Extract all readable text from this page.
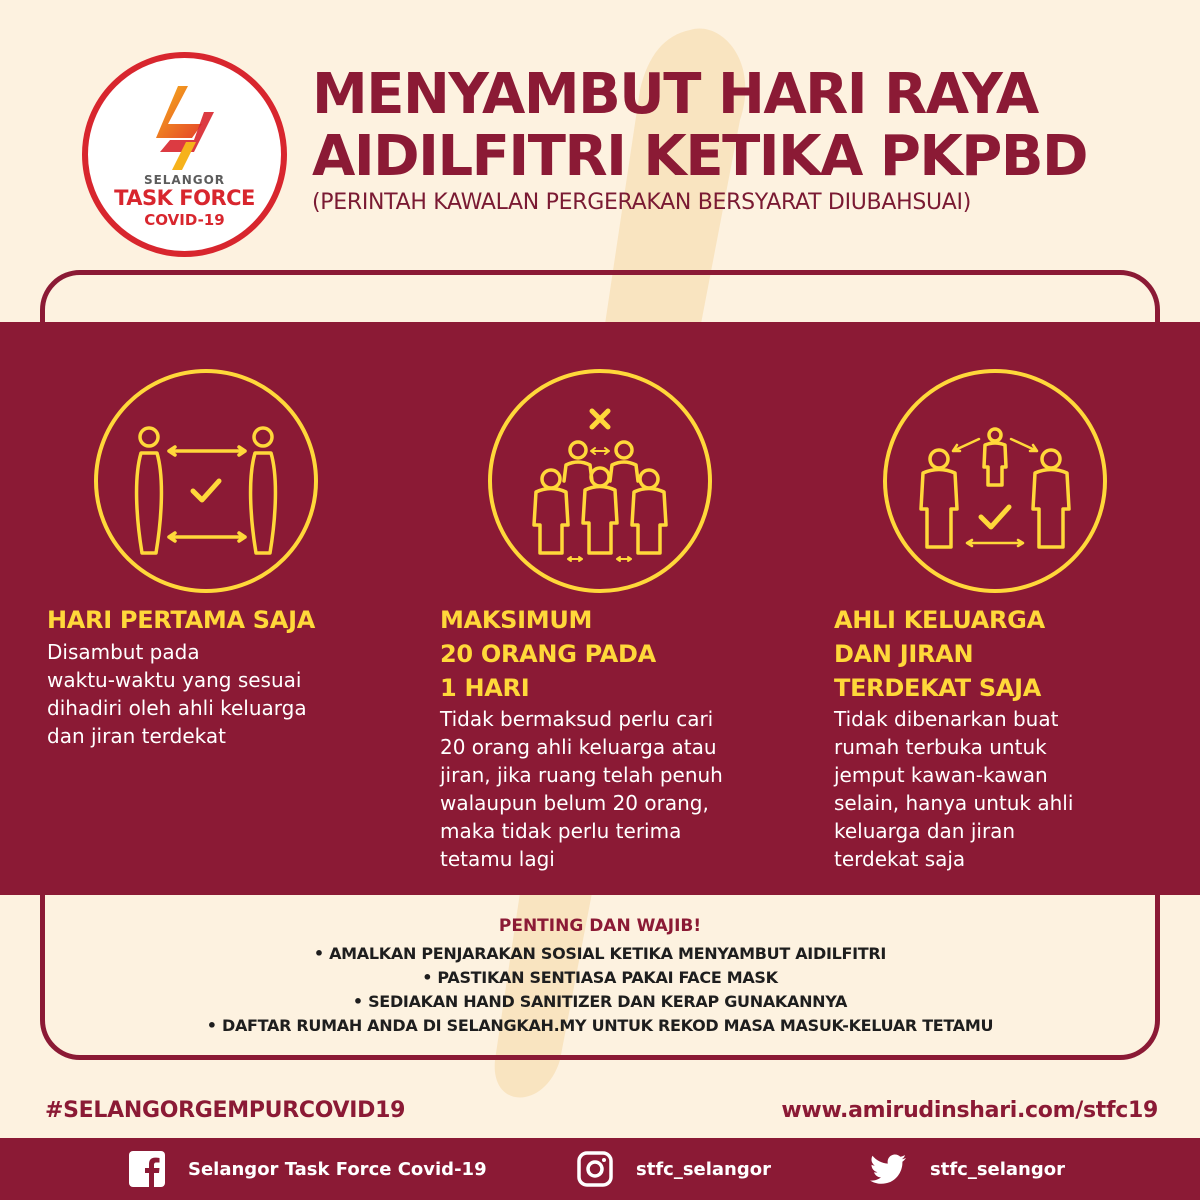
SELANGOR
TASK FORCE
COVID-19
MENYAMBUT HARI RAYA
AIDILFITRI KETIKA PKPBD
(PERINTAH KAWALAN PERGERAKAN BERSYARAT DIUBAHSUAI)
HARI PERTAMA SAJA

Disambut pada
waktu-waktu yang sesuai
dihadiri oleh ahli keluarga
dan jiran terdekat

MAKSIMUM
20 ORANG PADA
1 HARI

Tidak bermaksud perlu cari
20 orang ahli keluarga atau
jiran, jika ruang telah penuh
walaupun belum 20 orang,
maka tidak perlu terima
tetamu lagi

AHLI KELUARGA
DAN JIRAN
TERDEKAT SAJA

Tidak dibenarkan buat
rumah terbuka untuk
jemput kawan-kawan
selain, hanya untuk ahli
keluarga dan jiran
terdekat saja

PENTING DAN WAJIB!
• AMALKAN PENJARAKAN SOSIAL KETIKA MENYAMBUT AIDILFITRI
• PASTIKAN SENTIASA PAKAI FACE MASK
• SEDIAKAN HAND SANITIZER DAN KERAP GUNAKANNYA
• DAFTAR RUMAH ANDA DI SELANGKAH.MY UNTUK REKOD MASA MASUK-KELUAR TETAMU
#SELANGORGEMPURCOVID19	www.amirudinshari.com/stfc19
Selangor Task Force Covid-19	stfc_selangor	stfc_selangor
